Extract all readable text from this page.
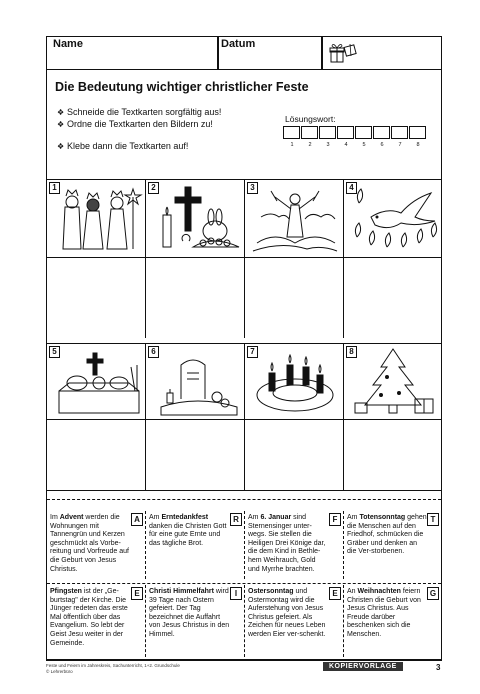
Name	Datum
Die Bedeutung wichtiger christlicher Feste
❖ Schneide die Textkarten sorgfältig aus!
❖ Ordne die Textkarten den Bildern zu!
❖ Klebe dann die Textkarten auf!
Lösungswort:
1	2	3	4	5	6	7	8
1	2	3	4
5	6	7	8
A
Im Advent werden die Wohnungen mit Tannengrün und Kerzen geschmückt als Vorbe-reitung und Vorfreude auf die Geburt von Jesus Christus.
R
Am Erntedankfest danken die Christen Gott für eine gute Ernte und das tägliche Brot.
F
Am 6. Januar sind Sternensinger unter-wegs. Sie stellen die Heiligen Drei Könige dar, die dem Kind in Bethle-hem Weihrauch, Gold und Myrrhe brachten.
T
Am Totensonntag gehen die Menschen auf den Friedhof, schmücken die Gräber und denken an die Ver-storbenen.
E
Pfingsten ist der „Ge-burtstag" der Kirche. Die Jünger redeten das erste Mal öffentlich über das Evangelium. So lebt der Geist Jesu weiter in der Gemeinde.
I
Christi Himmelfahrt wird 39 Tage nach Ostern gefeiert. Der Tag bezeichnet die Auffahrt von Jesus Christus in den Himmel.
E
Ostersonntag und Ostermontag wird die Auferstehung von Jesus Christus gefeiert. Als Zeichen für neues Leben werden Eier ver-schenkt.
G
An Weihnachten feiern Christen die Geburt von Jesus Christus. Aus Freude darüber beschenken sich die Menschen.
Feste und Feiern im Jahreskreis, Sachunterricht, 1+2. Grundschule
© Lehrerbüro
KOPIERVORLAGE	3
